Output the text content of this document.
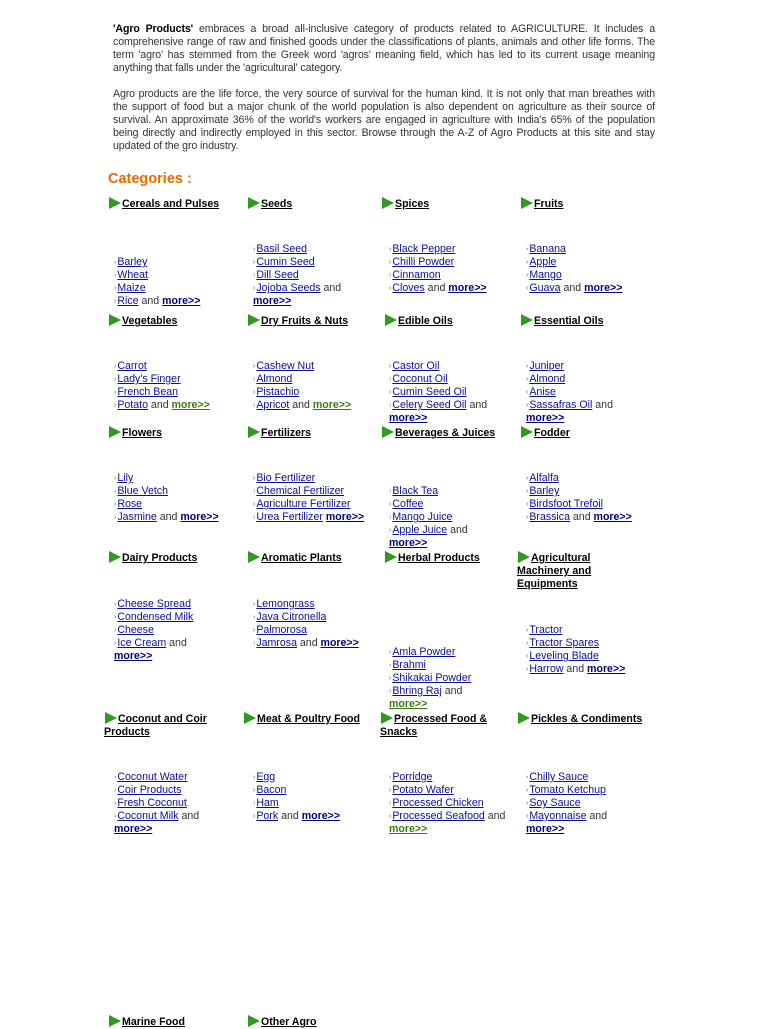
'Agro Products' embraces a broad all-inclusive category of products related to AGRICULTURE. It includes a comprehensive range of raw and finished goods under the classifications of plants, animals and other life forms. The term 'agro' has stemmed from the Greek word 'agros' meaning field, which has led to its current usage meaning anything that falls under the 'agricultural' category.

Agro products are the life force, the very source of survival for the human kind. It is not only that man breathes with the support of food but a major chunk of the world population is also dependent on agriculture as their source of survival. An approximate 36% of the world's workers are engaged in agriculture with India's 65% of the population being directly and indirectly employed in this sector. Browse through the A-Z of Agro Products at this site and stay updated of the gro industry.

Categories :
Cereals and Pulses
›Barley
›Wheat
›Maize
›Rice and more>>
Seeds
›Basil Seed
›Cumin Seed
›Dill Seed
›Jojoba Seeds and
more>>
Spices
›Black Pepper
›Chilli Powder
›Cinnamon
›Cloves and more>>
Fruits
›Banana
›Apple
›Mango
›Guava and more>>
Vegetables
›Carrot
›Lady's Finger
›French Bean
›Potato and more>>
Dry Fruits & Nuts
›Cashew Nut
›Almond
›Pistachio
›Apricot and more>>
Edible Oils
›Castor Oil
›Coconut Oil
›Cumin Seed Oil
›Celery Seed Oil and
more>>
Essential Oils
›Juniper
›Almond
›Anise
›Sassafras Oil and
more>>
Flowers
›Lily
›Blue Vetch
›Rose
›Jasmine and more>>
Fertilizers
›Bio Fertilizer
›Chemical Fertilizer
›Agriculture Fertilizer
›Urea Fertilizer more>>
Beverages & Juices
›Black Tea
›Coffee
›Mango Juice
›Apple Juice and
more>>
Fodder
›Alfalfa
›Barley
›Birdsfoot Trefoil
›Brassica and more>>
Dairy Products
›Cheese Spread
›Condensed Milk
›Cheese
›Ice Cream and
more>>
Aromatic Plants
›Lemongrass
›Java Citronella
›Palmorosa
›Jamrosa and more>>
Herbal Products
›Amla Powder
›Brahmi
›Shikakai Powder
›Bhring Raj and
more>>
Agricultural Machinery and Equipments
›Tractor
›Tractor Spares
›Leveling Blade
›Harrow and more>>
Coconut and Coir Products
›Coconut Water
›Coir Products
›Fresh Coconut
›Coconut Milk and
more>>
Meat & Poultry Food
›Egg
›Bacon
›Ham
›Pork and more>>
Processed Food & Snacks
›Porridge
›Potato Wafer
›Processed Chicken
›Processed Seafood and
more>>
Pickles & Condiments
›Chilly Sauce
›Tomato Ketchup
›Soy Sauce
›Mayonnaise and
more>>
Marine Food	Other Agro
